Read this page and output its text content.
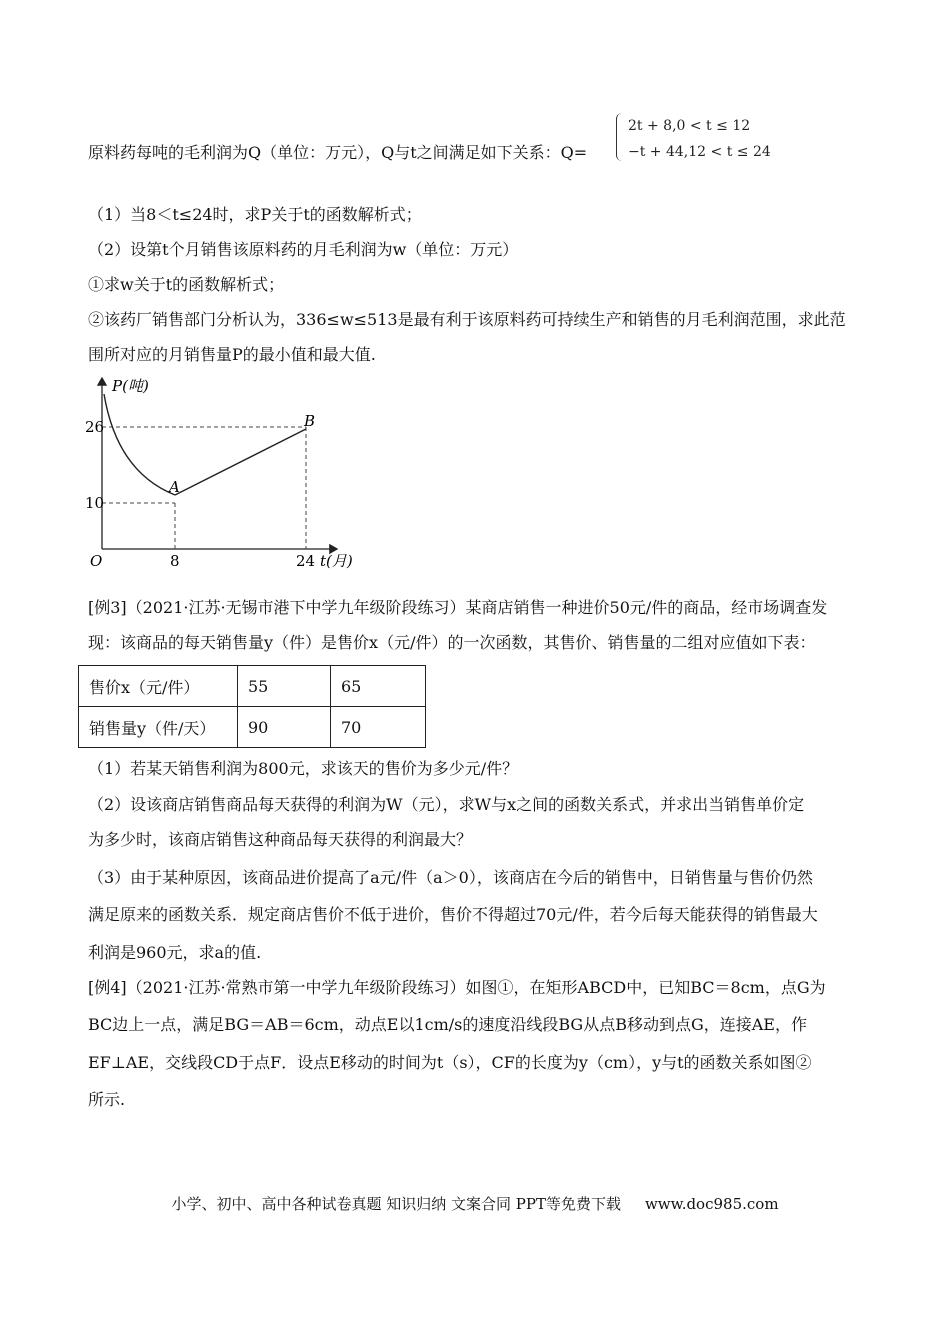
2t + 8,0 < t ≤ 12
−t + 44,12 < t ≤ 24
原料药每吨的毛利润为Q（单位：万元），Q与t之间满足如下关系：Q=
（1）当8＜t≤24时，求P关于t的函数解析式；
（2）设第t个月销售该原料药的月毛利润为w（单位：万元）
①求w关于t的函数解析式；
②该药厂销售部门分析认为，336≤w≤513是最有利于该原料药可持续生产和销售的月毛利润范围，求此范
围所对应的月销售量P的最小值和最大值.
P(吨)
t(月)
O
26
10
8	24
A
B
[例3]（2021·江苏·无锡市港下中学九年级阶段练习）某商店销售一种进价50元/件的商品，经市场调查发
现：该商品的每天销售量y（件）是售价x（元/件）的一次函数，其售价、销售量的二组对应值如下表：
售价x（元/件）	55	65
销售量y（件/天）	90	70
（1）若某天销售利润为800元，求该天的售价为多少元/件？
（2）设该商店销售商品每天获得的利润为W（元），求W与x之间的函数关系式，并求出当销售单价定
为多少时，该商店销售这种商品每天获得的利润最大？
（3）由于某种原因，该商品进价提高了a元/件（a＞0），该商店在今后的销售中，日销售量与售价仍然
满足原来的函数关系．规定商店售价不低于进价，售价不得超过70元/件，若今后每天能获得的销售最大
利润是960元，求a的值.
[例4]（2021·江苏·常熟市第一中学九年级阶段练习）如图①，在矩形ABCD中，已知BC＝8cm，点G为
BC边上一点，满足BG＝AB＝6cm，动点E以1cm/s的速度沿线段BG从点B移动到点G，连接AE，作
EF⊥AE，交线段CD于点F．设点E移动的时间为t（s），CF的长度为y（cm），y与t的函数关系如图②
所示.
小学、初中、高中各种试卷真题 知识归纳 文案合同 PPT等免费下载 www.doc985.com
